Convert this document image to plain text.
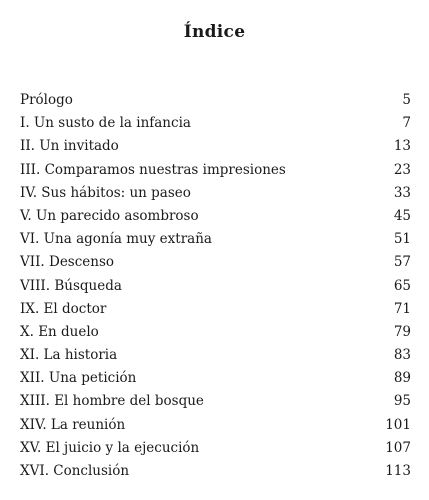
Índice
Prólogo	5
I. Un susto de la infancia	7
II. Un invitado	13
III. Comparamos nuestras impresiones	23
IV. Sus hábitos: un paseo	33
V. Un parecido asombroso	45
VI. Una agonía muy extraña	51
VII. Descenso	57
VIII. Búsqueda	65
IX. El doctor	71
X. En duelo	79
XI. La historia	83
XII. Una petición	89
XIII. El hombre del bosque	95
XIV. La reunión	101
XV. El juicio y la ejecución	107
XVI. Conclusión	113
